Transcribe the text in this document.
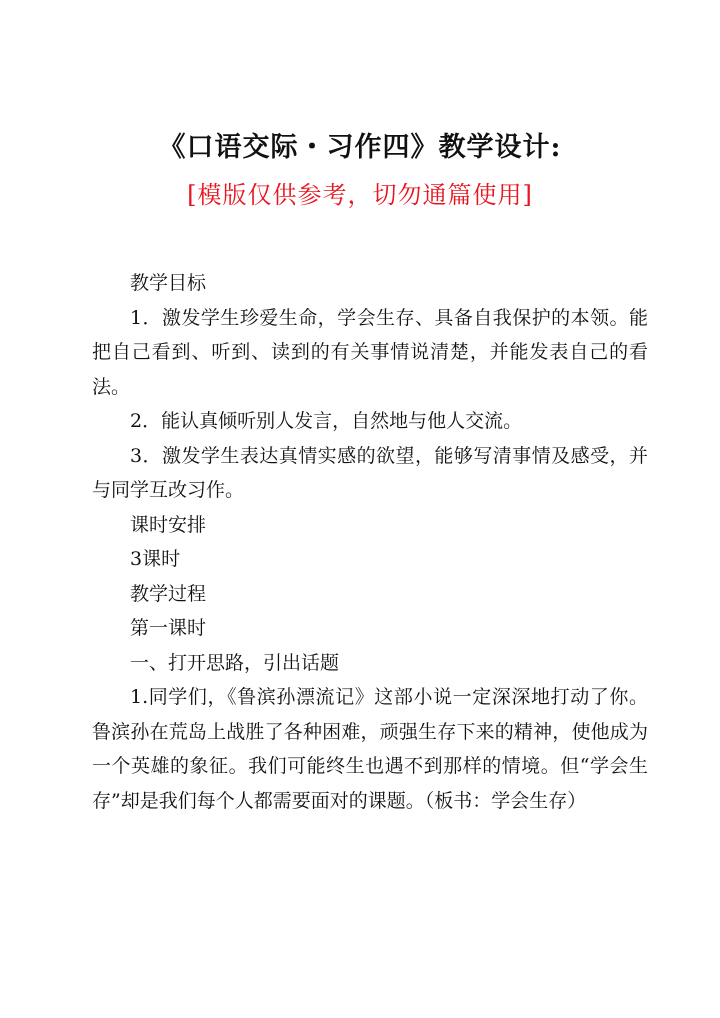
《口语交际・习作四》教学设计:
[模版仅供参考，切勿通篇使用]

教学目标

1．激发学生珍爱生命，学会生存、具备自我保护的本领。能把自己看到、听到、读到的有关事情说清楚，并能发表自己的看法。

2．能认真倾听别人发言，自然地与他人交流。

3．激发学生表达真情实感的欲望，能够写清事情及感受，并与同学互改习作。

课时安排

3课时

教学过程

第一课时

一、打开思路，引出话题

1.同学们，《鲁滨孙漂流记》这部小说一定深深地打动了你。鲁滨孙在荒岛上战胜了各种困难，顽强生存下来的精神，使他成为一个英雄的象征。我们可能终生也遇不到那样的情境。但“学会生存”却是我们每个人都需要面对的课题。（板书：学会生存）
